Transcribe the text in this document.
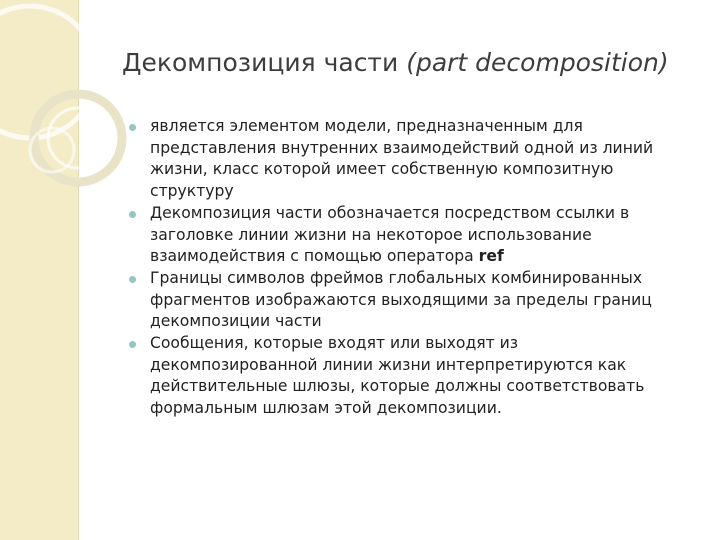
Декомпозиция части (part decomposition)
является элементом модели, предназначенным для представления внутренних взаимодействий одной из линий жизни, класс которой имеет собственную композитную структуру
Декомпозиция части обозначается посредством ссылки в заголовке линии жизни на некоторое использование взаимодействия с помощью оператора ref
Границы символов фреймов глобальных комбинированных фрагментов изображаются выходящими за пределы границ декомпозиции части
Сообщения, которые входят или выходят из декомпозированной линии жизни интерпретируются как действительные шлюзы, которые должны соответствовать формальным шлюзам этой декомпозиции.
